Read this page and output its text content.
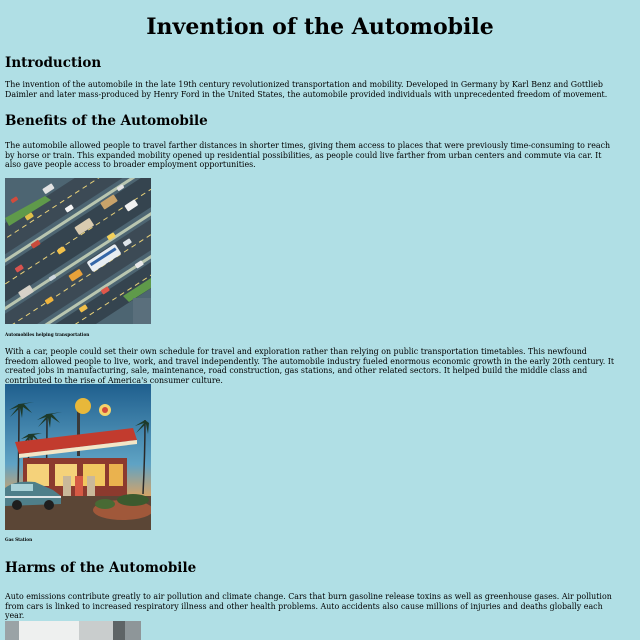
Invention of the Automobile
Introduction

The invention of the automobile in the late 19th century revolutionized transportation and mobility. Developed in Germany by Karl Benz and Gottlieb Daimler and later mass-produced by Henry Ford in the United States, the automobile provided individuals with unprecedented freedom of movement.

Benefits of the Automobile

The automobile allowed people to travel farther distances in shorter times, giving them access to places that were previously time-consuming to reach by horse or train. This expanded mobility opened up residential possibilities, as people could live farther from urban centers and commute via car. It also gave people access to broader employment opportunities.

Automobiles helping transportation

With a car, people could set their own schedule for travel and exploration rather than relying on public transportation timetables. This newfound freedom allowed people to live, work, and travel independently. The automobile industry fueled enormous economic growth in the early 20th century. It created jobs in manufacturing, sale, maintenance, road construction, gas stations, and other related sectors. It helped build the middle class and contributed to the rise of America's consumer culture.

Gas Station
Harms of the Automobile

Auto emissions contribute greatly to air pollution and climate change. Cars that burn gasoline release toxins as well as greenhouse gases. Air pollution from cars is linked to increased respiratory illness and other health problems. Auto accidents also cause millions of injuries and deaths globally each year.
